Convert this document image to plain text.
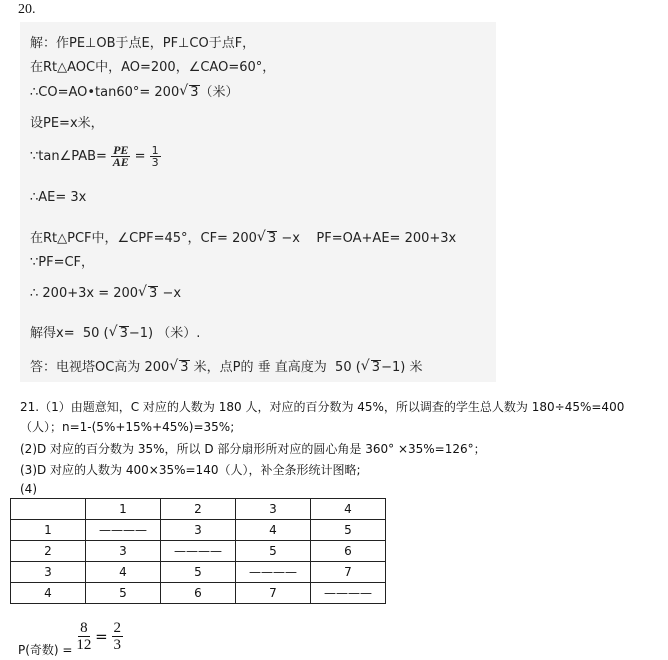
20.
解：作PE⊥OB于点E，PF⊥CO于点F，
在Rt△AOC中，AO=200，∠CAO=60°，
∴CO=AO•tan60°= 200 √ 3（米）
设PE=x米，
∵tan∠PAB= $\frac{PE}{AE} = \frac{1}{3}$
∴AE= 3x
在Rt△PCF中，∠CPF=45°，CF= 200 √ 3 −x    PF=OA+AE= 200+3x
∵PF=CF，
∴ 200+3x = 200 √ 3 −x
解得x=  50 ( √ 3−1) （米）.
答：电视塔OC高为 200 √ 3 米，点P的 垂 直高度为  50 ( √ 3−1) 米
21.（1）由题意知，C 对应的人数为 180 人，对应的百分数为 45%，所以调查的学生总人数为 180÷45%=400
（人）；n=1-(5%+15%+45%)=35%;
(2)D 对应的百分数为 35%，所以 D 部分扇形所对应的圆心角是 360° ×35%=126°；
(3)D 对应的人数为 400×35%=140（人），补全条形统计图略;
(4)
	1	2	3	4
1	————	3	4	5
2	3	————	5	6
3	4	5	————	7
4	5	6	7	————
P(奇数) = $\frac{8}{12} = \frac{2}{3}$
